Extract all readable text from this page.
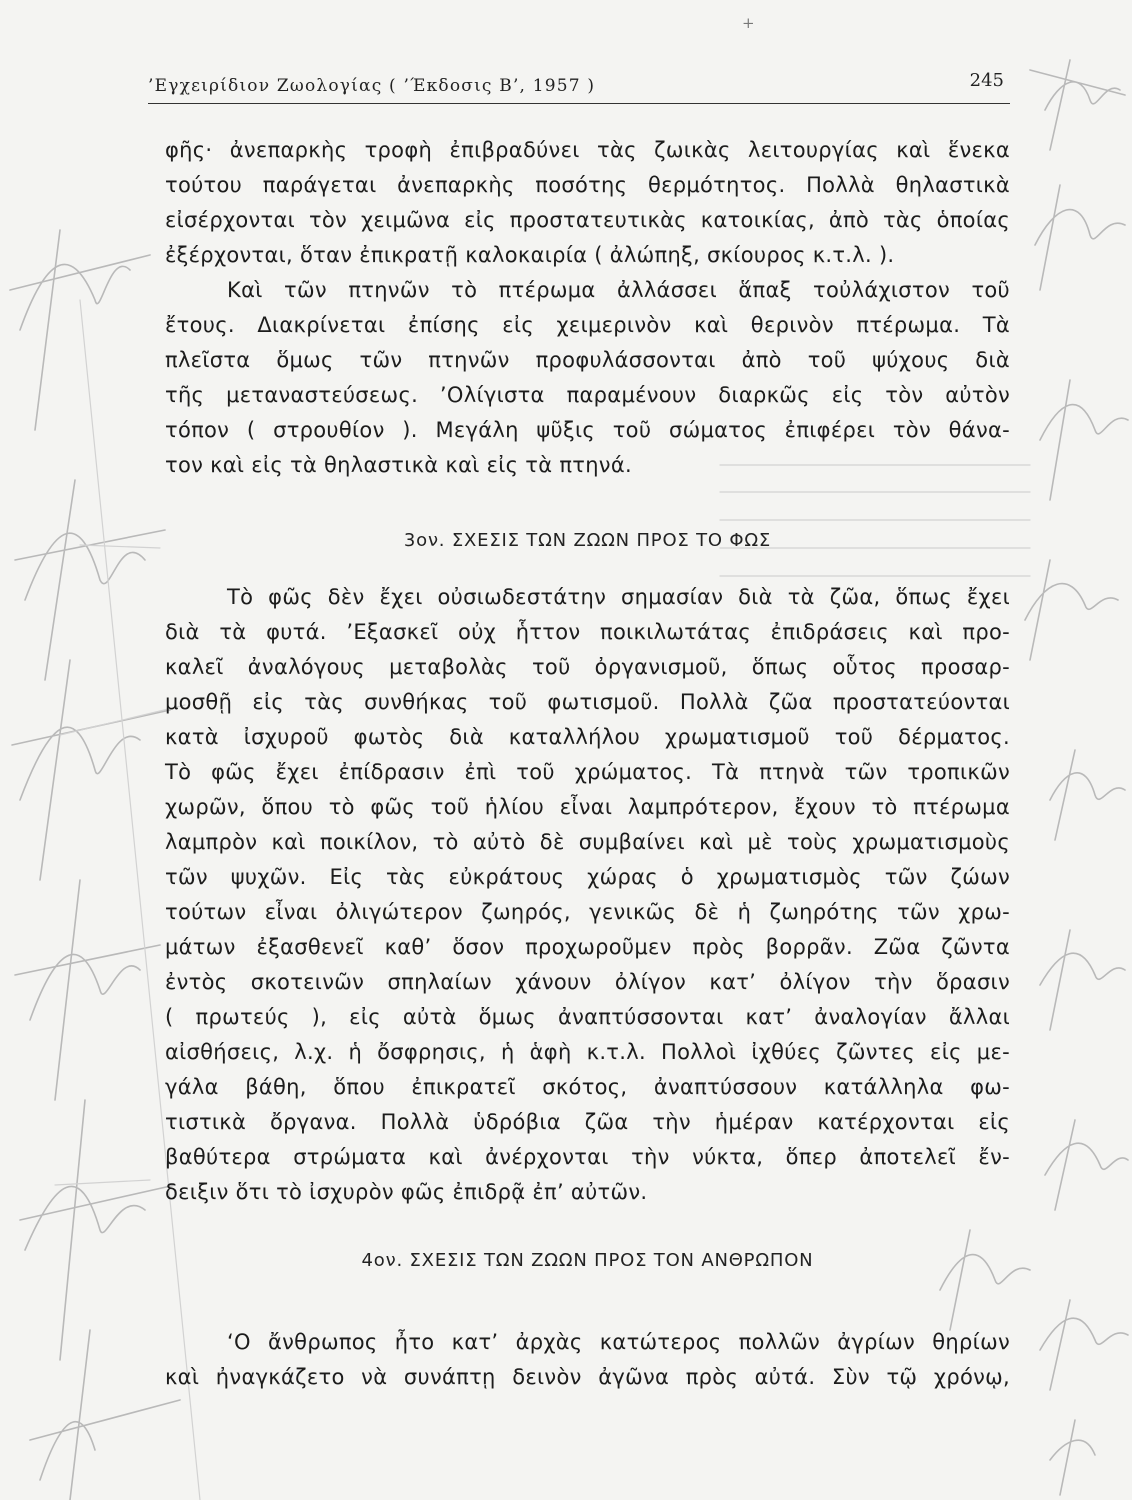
+
’Εγχειρίδιον Ζωολογίας ( ’Έκδοσις Β’, 1957 )	245
φῆς· ἀνεπαρκὴς τροφὴ ἐπιβραδύνει τὰς ζωικὰς λειτουργίας καὶ ἕνεκα
τούτου παράγεται ἀνεπαρκὴς ποσότης θερμότητος. Πολλὰ θηλαστικὰ
εἰσέρχονται τὸν χειμῶνα εἰς προστατευτικὰς κατοικίας, ἀπὸ τὰς ὁποίας
ἐξέρχονται, ὅταν ἐπικρατῇ καλοκαιρία ( ἀλώπηξ, σκίουρος κ.τ.λ. ).
Καὶ τῶν πτηνῶν τὸ πτέρωμα ἀλλάσσει ἅπαξ τοὐλάχιστον τοῦ
ἔτους. Διακρίνεται ἐπίσης εἰς χειμερινὸν καὶ θερινὸν πτέρωμα. Τὰ
πλεῖστα ὅμως τῶν πτηνῶν προφυλάσσονται ἀπὸ τοῦ ψύχους διὰ
τῆς μεταναστεύσεως. ’Ολίγιστα παραμένουν διαρκῶς εἰς τὸν αὐτὸν
τόπον ( στρουθίον ). Μεγάλη ψῦξις τοῦ σώματος ἐπιφέρει τὸν θάνα-
τον καὶ εἰς τὰ θηλαστικὰ καὶ εἰς τὰ πτηνά.
3ον. ΣΧΕΣΙΣ ΤΩΝ ΖΩΩΝ ΠΡΟΣ ΤΟ ΦΩΣ
Τὸ φῶς δὲν ἔχει οὐσιωδεστάτην σημασίαν διὰ τὰ ζῶα, ὅπως ἔχει
διὰ τὰ φυτά. ’Εξασκεῖ οὐχ ἧττον ποικιλωτάτας ἐπιδράσεις καὶ προ-
καλεῖ ἀναλόγους μεταβολὰς τοῦ ὀργανισμοῦ, ὅπως οὗτος προσαρ-
μοσθῇ εἰς τὰς συνθήκας τοῦ φωτισμοῦ. Πολλὰ ζῶα προστατεύονται
κατὰ ἰσχυροῦ φωτὸς διὰ καταλλήλου χρωματισμοῦ τοῦ δέρματος.
Τὸ φῶς ἔχει ἐπίδρασιν ἐπὶ τοῦ χρώματος. Τὰ πτηνὰ τῶν τροπικῶν
χωρῶν, ὅπου τὸ φῶς τοῦ ἡλίου εἶναι λαμπρότερον, ἔχουν τὸ πτέρωμα
λαμπρὸν καὶ ποικίλον, τὸ αὐτὸ δὲ συμβαίνει καὶ μὲ τοὺς χρωματισμοὺς
τῶν ψυχῶν. Εἰς τὰς εὐκράτους χώρας ὁ χρωματισμὸς τῶν ζώων
τούτων εἶναι ὀλιγώτερον ζωηρός, γενικῶς δὲ ἡ ζωηρότης τῶν χρω-
μάτων ἐξασθενεῖ καθ’ ὅσον προχωροῦμεν πρὸς βορρᾶν. Ζῶα ζῶντα
ἐντὸς σκοτεινῶν σπηλαίων χάνουν ὀλίγον κατ’ ὀλίγον τὴν ὅρασιν
( πρωτεύς ), εἰς αὐτὰ ὅμως ἀναπτύσσονται κατ’ ἀναλογίαν ἄλλαι
αἰσθήσεις, λ.χ. ἡ ὄσφρησις, ἡ ἁφὴ κ.τ.λ. Πολλοὶ ἰχθύες ζῶντες εἰς με-
γάλα βάθη, ὅπου ἐπικρατεῖ σκότος, ἀναπτύσσουν κατάλληλα φω-
τιστικὰ ὄργανα. Πολλὰ ὑδρόβια ζῶα τὴν ἡμέραν κατέρχονται εἰς
βαθύτερα στρώματα καὶ ἀνέρχονται τὴν νύκτα, ὅπερ ἀποτελεῖ ἔν-
δειξιν ὅτι τὸ ἰσχυρὸν φῶς ἐπιδρᾷ ἐπ’ αὐτῶν.
4ον. ΣΧΕΣΙΣ ΤΩΝ ΖΩΩΝ ΠΡΟΣ ΤΟΝ ΑΝΘΡΩΠΟΝ
‘Ο ἄνθρωπος ἦτο κατ’ ἀρχὰς κατώτερος πολλῶν ἀγρίων θηρίων
καὶ ἠναγκάζετο νὰ συνάπτῃ δεινὸν ἀγῶνα πρὸς αὐτά. Σὺν τῷ χρόνῳ,
